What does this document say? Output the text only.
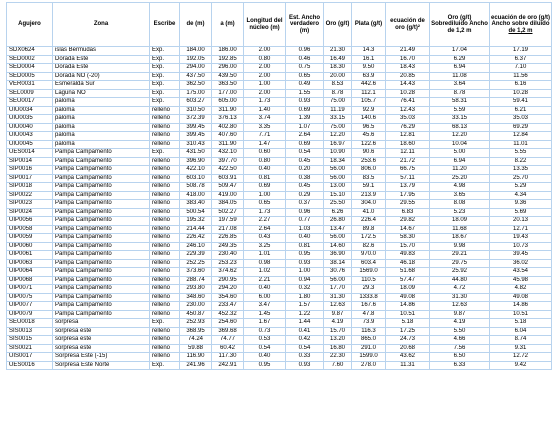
Agujero	Zona	Escribe	de (m)	a (m)	Longitud del núcleo (m)	Est. Ancho verdadero (m)	Oro (g/t)	Plata (g/t)	ecuación de oro (g/t)²	Oro (g/t) Sobrediluido Ancho de 1,2 m	ecuación de oro (g/t) Ancho sobre diluido
de 1,2 m

SDX0624	islas Bermudas	Exp.	184.00	186.00	2.00	0.96	21.30	14.3	21.49	17.04	17.19
SED0002	Dorada Este	Exp.	192.05	192.85	0.80	0.46	16.49	16.1	16.70	6.29	6.37
SED0004	Dorada Este	Exp.	294.00	296.00	2.00	0.75	18.30	9.50	18.43	6.94	7.10
SED0005	Dorada NO (-20)	Exp.	437.50	439.50	2.00	0.65	20.00	63.9	20.85	11.08	11.56
VER0031	Esmeralda Sur	Exp.	362.50	363.50	1.00	0.49	8.53	442.6	14.43	3.64	6.16
SEL0009	Laguna NO	Exp.	175.00	177.00	2.00	1.55	8.78	112.1	10.28	8.78	10.28
SEU0017	paloma	Exp.	603.27	605.00	1.73	0.93	75.00	105.7	76.41	58.31	59.41
UIU0034	paloma	relleno	310.50	311.90	1.40	0.69	11.19	92.9	12.43	5.59	6.21
UIU0035	paloma	relleno	372.39	376.13	3.74	1.39	33.15	140.6	35.03	33.15	35.03
UIU0040	paloma	relleno	399.45	402.80	3.35	1.07	75.00	96.5	76.29	68.13	69.29
UIU0043	paloma	relleno	399.45	407.60	7.71	2.64	12.20	45.6	12.81	12.20	12.84
UIU0045	paloma	relleno	310.43	311.90	1.47	0.69	16.97	122.6	18.60	10.04	11.01
UES0014	Pampa Campamento	Exp.	431.50	432.10	0.60	0.54	10.90	90.6	12.11	5.00	5.55
SIP0014	Pampa Campamento	relleno	396.90	397.70	0.80	0.45	18.34	253.6	21.72	6.94	8.22
SIP0016	Pampa Campamento	relleno	422.10	422.50	0.40	0.20	56.00	806.0	66.75	11.20	13.35
SIP0017	Pampa Campamento	relleno	603.10	603.91	0.81	0.38	56.00	83.5	57.11	25.20	25.70
SIP0018	Pampa Campamento	relleno	508.78	509.47	0.69	0.45	13.00	59.1	13.79	4.98	5.29
SIP0022	Pampa Campamento	relleno	418.00	419.00	1.00	0.29	15.10	213.9	17.95	3.65	4.34
SIP0023	Pampa Campamento	relleno	383.40	384.05	0.65	0.37	25.50	304.0	29.55	8.08	9.36
SIP0024	Pampa Campamento	relleno	500.54	502.27	1.73	0.96	6.26	41.0	6.83	5.23	5.69
UIP0056	Pampa Campamento	relleno	195.32	197.59	2.27	0.77	26.80	226.4	29.82	18.09	20.13
UIP0058	Pampa Campamento	relleno	214.44	217.08	2.64	1.03	13.47	89.8	14.67	11.68	12.71
UIP0059	Pampa Campamento	relleno	226.42	226.85	0.43	0.40	56.00	172.5	58.30	18.67	19.43
UIP0060	Pampa Campamento	relleno	246.10	249.35	3.25	0.81	14.60	82.6	15.70	9.98	10.73
UIP0061	Pampa Campamento	relleno	229.39	230.40	1.01	0.95	36.90	970.0	49.83	29.21	39.45
UIP0063	Pampa Campamento	relleno	252.25	253.23	0.98	0.93	38.14	603.4	46.18	29.75	36.02
UIP0064	Pampa Campamento	relleno	373.60	374.62	1.02	1.00	30.76	1569.0	51.68	25.92	43.54
UIP0068	Pampa Campamento	relleno	288.74	290.95	2.21	0.94	56.00	110.5	57.47	44.80	45.98
UIP0071	Pampa Campamento	relleno	293.80	294.20	0.40	0.32	17.70	29.3	18.09	4.72	4.82
UIP0075	Pampa Campamento	relleno	348.60	354.60	6.00	1.80	31.30	1333.8	49.08	31.30	49.08
UIP0077	Pampa Campamento	relleno	230.00	233.47	3.47	1.57	12.63	167.6	14.86	12.63	14.86
UIP0079	Pampa Campamento	relleno	450.87	452.32	1.45	1.22	9.87	47.8	10.51	9.87	10.51
SEU0018	sorpresa	Exp.	252.93	254.60	1.67	1.44	4.19	73.9	5.18	4.19	5.18
SIS0013	sorpresa este	relleno	368.95	369.68	0.73	0.41	15.70	116.3	17.25	5.50	6.04
SIS0015	sorpresa este	relleno	74.24	74.77	0.53	0.42	13.20	865.0	24.73	4.66	8.74
SIS0021	sorpresa este	relleno	59.88	60.42	0.54	0.54	16.80	291.0	20.68	7.56	9.31
UIS0017	Sorpresa Este (-15)	relleno	116.90	117.30	0.40	0.33	22.30	1599.0	43.62	6.50	12.72
UES0016	Sorpresa Este Norte	Exp.	241.96	242.91	0.95	0.93	7.60	278.0	11.31	6.33	9.42
